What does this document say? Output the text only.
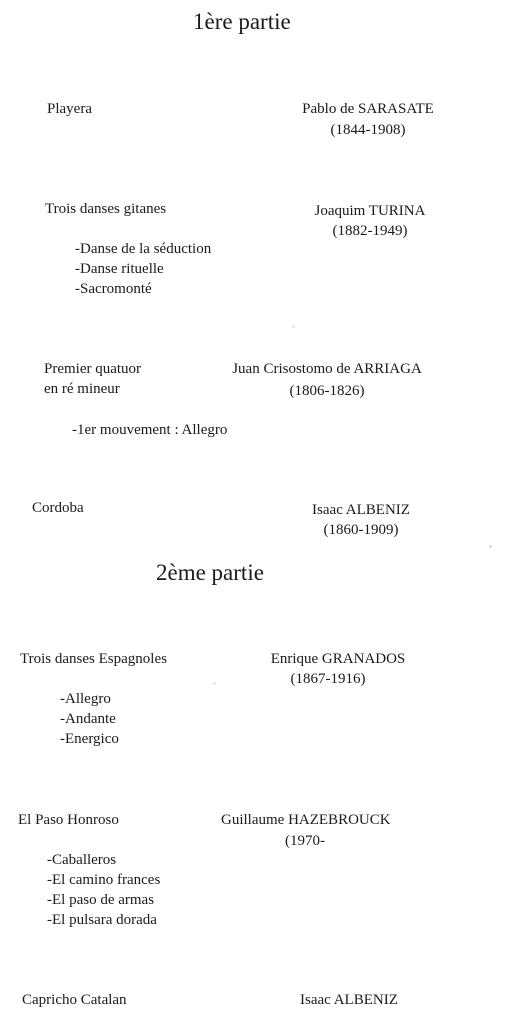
1ère partie
Playera	Pablo de SARASATE
(1844-1908)
Trois danses gitanes	Joaquim TURINA
(1882-1949)
-Danse de la séduction
-Danse rituelle
-Sacromonté
Premier quatuor
en ré mineur
Juan Crisostomo de ARRIAGA
(1806-1826)
-1er mouvement : Allegro
Cordoba	Isaac ALBENIZ
(1860-1909)
2ème partie
Trois danses Espagnoles	Enrique GRANADOS
(1867-1916)
-Allegro
-Andante
-Energico
El Paso Honroso	Guillaume HAZEBROUCK
(1970-
-Caballeros
-El camino frances
-El paso de armas
-El pulsara dorada
Capricho Catalan	Isaac ALBENIZ
